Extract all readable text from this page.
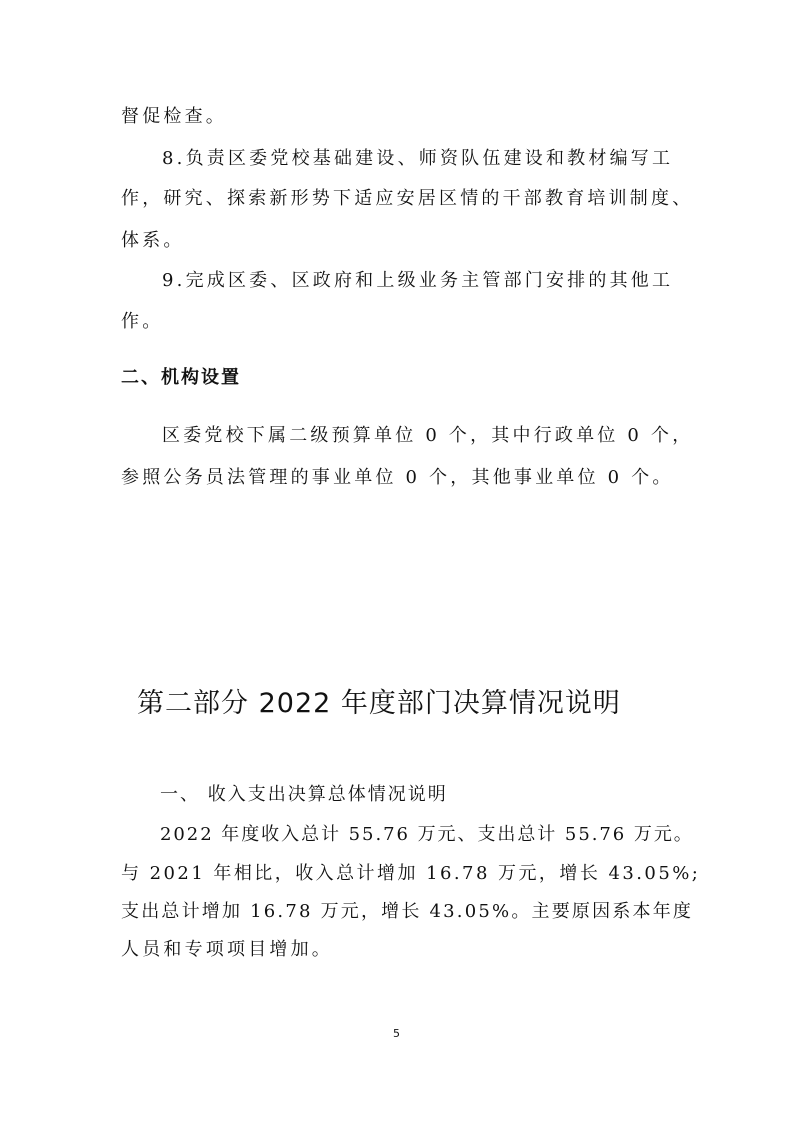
督促检查。
8.负责区委党校基础建设、师资队伍建设和教材编写工
作，研究、探索新形势下适应安居区情的干部教育培训制度、
体系。
9.完成区委、区政府和上级业务主管部门安排的其他工
作。
二、机构设置
区委党校下属二级预算单位 0 个，其中行政单位 0 个，
参照公务员法管理的事业单位 0 个，其他事业单位 0 个。
第二部分 2022 年度部门决算情况说明
一、 收入支出决算总体情况说明
2022 年度收入总计 55.76 万元、支出总计 55.76 万元。
与 2021 年相比，收入总计增加 16.78 万元，增长 43.05%;
支出总计增加 16.78 万元，增长 43.05%。主要原因系本年度
人员和专项项目增加。
5
